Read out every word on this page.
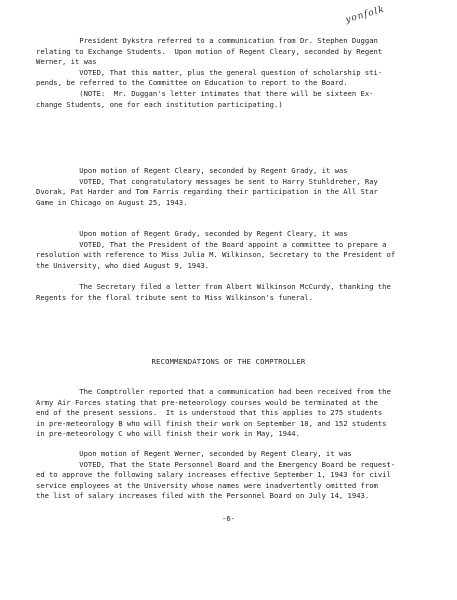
yonfolk
President Dykstra referred to a communication from Dr. Stephen Duggan
relating to Exchange Students.  Upon motion of Regent Cleary, seconded by Regent
Werner, it was
VOTED, That this matter, plus the general question of scholarship sti-
pends, be referred to the Committee on Education to report to the Board.
(NOTE:  Mr. Duggan's letter intimates that there will be sixteen Ex-
change Students, one for each institution participating.)
Upon motion of Regent Cleary, seconded by Regent Grady, it was
VOTED, That congratulatory messages be sent to Harry Stuhldreher, Ray
Dvorak, Pat Harder and Tom Farris regarding their participation in the All Star
Game in Chicago on August 25, 1943.
Upon motion of Regent Grady, seconded by Regent Cleary, it was
VOTED, That the President of the Board appoint a committee to prepare a
resolution with reference to Miss Julia M. Wilkinson, Secretary to the President of
the University, who died August 9, 1943.
The Secretary filed a letter from Albert Wilkinson McCurdy, thanking the
Regents for the floral tribute sent to Miss Wilkinson's funeral.
RECOMMENDATIONS OF THE COMPTROLLER
The Comptroller reported that a communication had been received from the
Army Air Forces stating that pre-meteorology courses would be terminated at the
end of the present sessions.  It is understood that this applies to 275 students
in pre-meteorology B who will finish their work on September 18, and 152 students
in pre-meteorology C who will finish their work in May, 1944.
Upon motion of Regent Werner, seconded by Regent Cleary, it was
VOTED, That the State Personnel Board and the Emergency Board be request-
ed to approve the following salary increases effective September 1, 1943 for civil
service employees at the University whose names were inadvertently omitted from
the list of salary increases filed with the Personnel Board on July 14, 1943.
-6-
